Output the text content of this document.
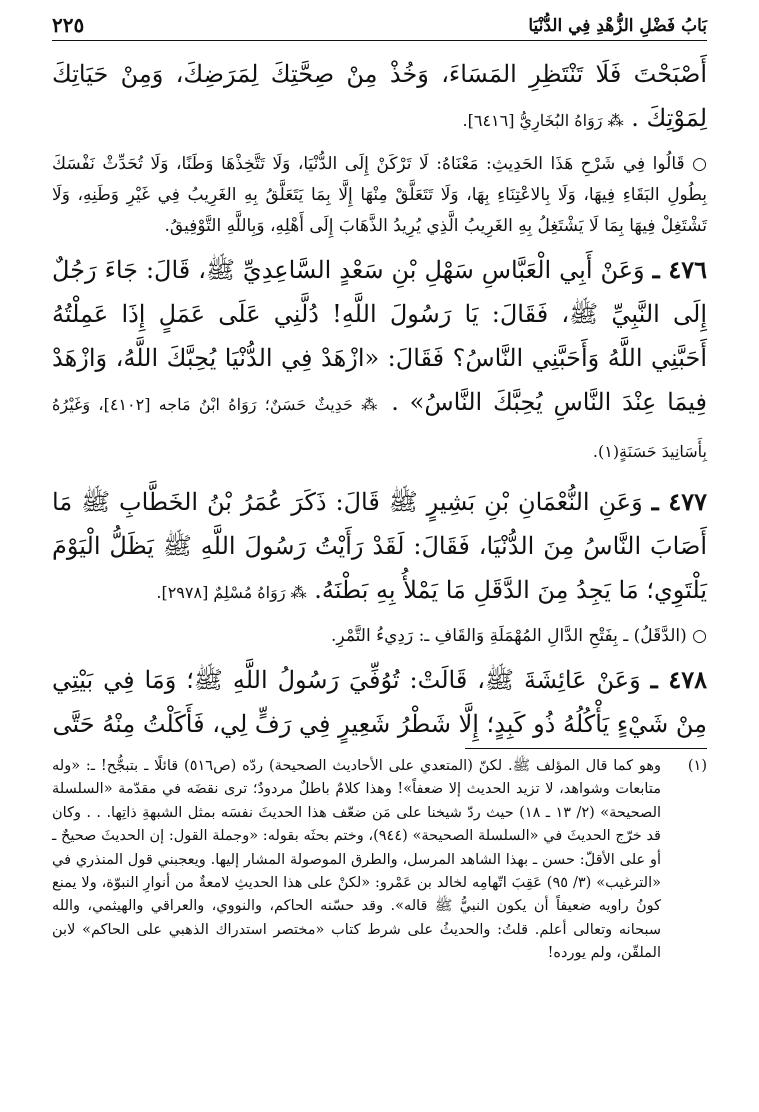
٢٢٥	بَابُ فَضْلِ الزُّهْدِ فِي الدُّنْيَا

أَصْبَحْتَ فَلَا تَنْتَظِرِ المَسَاءَ، وَخُذْ مِنْ صِحَّتِكَ لِمَرَضِكَ، وَمِنْ حَيَاتِكَ لِمَوْتِكَ . ⁂ رَوَاهُ البُخَارِيُّ [٦٤١٦].

○ قَالُوا فِي شَرْحِ هَذَا الحَدِيثِ: مَعْنَاهُ: لَا تَرْكَنْ إِلَى الدُّنْيَا، وَلَا تَتَّخِذْهَا وَطَنًا، وَلَا تُحَدِّثْ نَفْسَكَ بِطُولِ البَقَاءِ فِيهَا، وَلَا بِالاعْتِنَاءِ بِهَا، وَلَا تَتَعَلَّقْ مِنْهَا إِلَّا بِمَا يَتَعَلَّقُ بِهِ الغَرِيبُ فِي غَيْرِ وَطَنِهِ، وَلَا تَشْتَغِلْ فِيهَا بِمَا لَا يَشْتَغِلُ بِهِ الغَرِيبُ الَّذِي يُرِيدُ الذَّهَابَ إِلَى أَهْلِهِ، وَبِاللَّهِ التَّوْفِيقُ.

٤٧٦ ـ وَعَنْ أَبِي الْعَبَّاسِ سَهْلِ بْنِ سَعْدٍ السَّاعِدِيِّ ﷺ، قَالَ: جَاءَ رَجُلٌ إِلَى النَّبِيِّ ﷺ، فَقَالَ: يَا رَسُولَ اللَّهِ! دُلَّنِي عَلَى عَمَلٍ إِذَا عَمِلْتُهُ أَحَبَّنِي اللَّهُ وَأَحَبَّنِي النَّاسُ؟ فَقَالَ: «ازْهَدْ فِي الدُّنْيَا يُحِبَّكَ اللَّهُ، وَازْهَدْ فِيمَا عِنْدَ النَّاسِ يُحِبَّكَ النَّاسُ» . ⁂ حَدِيثٌ حَسَنٌ؛ رَوَاهُ ابْنُ مَاجه [٤١٠٢]، وَغَيْرُهُ بِأَسَانِيدَ حَسَنَةٍ(١).

٤٧٧ ـ وَعَنِ النُّعْمَانِ بْنِ بَشِيرٍ ﷺ قَالَ: ذَكَرَ عُمَرُ بْنُ الخَطَّابِ ﷺ مَا أَصَابَ النَّاسُ مِنَ الدُّنْيَا، فَقَالَ: لَقَدْ رَأَيْتُ رَسُولَ اللَّهِ ﷺ يَظَلُّ الْيَوْمَ يَلْتَوِي؛ مَا يَجِدُ مِنَ الدَّقَلِ مَا يَمْلأُ بِهِ بَطْنَهُ. ⁂ رَوَاهُ مُسْلِمٌ [٢٩٧٨].

○ (الدَّقَلُ) ـ بِفَتْحِ الدَّالِ المُهْمَلَةِ وَالقَافِ ـ: رَدِيءُ التَّمْرِ.

٤٧٨ ـ وَعَنْ عَائِشَةَ ﷺ، قَالَتْ: تُوُفِّيَ رَسُولُ اللَّهِ ﷺ؛ وَمَا فِي بَيْتِي مِنْ شَيْءٍ يَأْكُلُهُ ذُو كَبِدٍ؛ إِلَّا شَطْرُ شَعِيرٍ فِي رَفٍّ لِي، فَأَكَلْتُ مِنْهُ حَتَّى

(١)
وهو كما قال المؤلف ﷺ. لكنّ (المتعدي على الأحاديث الصحيحة) ردّه (ص٥١٦) قائلًا ـ بتبجُّح! ـ: «وله متابعات وشواهد، لا تزيد الحديث إلا ضعفاً»! وهذا كلامٌ باطلٌ مردودٌ؛ ترى نقضَه في مقدّمة «السلسلة الصحيحة» (٢/ ١٣ ـ ١٨) حيث ردّ شيخنا على مَن ضعّف هذا الحديثَ نفسَه بمثل الشبهةِ ذاتِها. . . وكان قد خرّج الحديثَ في «السلسلة الصحيحة» (٩٤٤)، وختم بحثَه بقوله: «وجملة القول: إن الحديثَ صحيحٌ ـ أو على الأقلّ: حسن ـ بهذا الشاهد المرسل، والطرق الموصولة المشار إليها. ويعجبني قول المنذري في «الترغيب» (٣/ ٩٥) عَقِبَ اتّهامِه لخالد بن عَمْرو: «لكنْ على هذا الحديثِ لامعةٌ من أنوارِ النبوّة، ولا يمنع كونُ راويه ضعيفاً أن يكون النبيُّ ﷺ قاله». وقد حسّنه الحاكم، والنووي، والعراقي والهيثمي، والله سبحانه وتعالى أعلم. قلتُ: والحديثُ على شرط كتاب «مختصر استدراك الذهبي على الحاكم» لابن الملقّن، ولم يورده!
